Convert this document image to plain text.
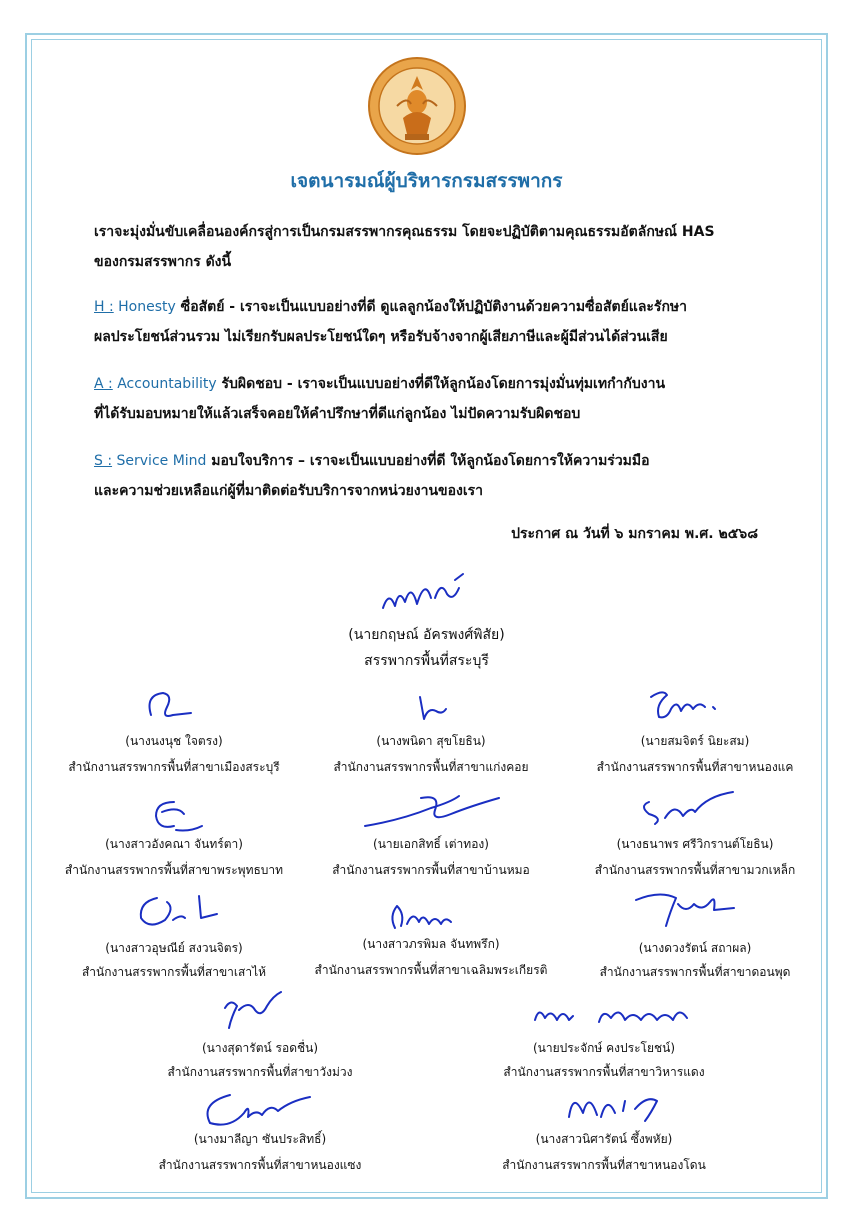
เจตนารมณ์ผู้บริหารกรมสรรพากร
เราจะมุ่งมั่นขับเคลื่อนองค์กรสู่การเป็นกรมสรรพากรคุณธรรม โดยจะปฏิบัติตามคุณธรรมอัตลักษณ์ HAS
ของกรมสรรพากร ดังนี้
H : Honesty ซื่อสัตย์ - เราจะเป็นแบบอย่างที่ดี ดูแลลูกน้องให้ปฏิบัติงานด้วยความซื่อสัตย์และรักษา
ผลประโยชน์ส่วนรวม ไม่เรียกรับผลประโยชน์ใดๆ หรือรับจ้างจากผู้เสียภาษีและผู้มีส่วนได้ส่วนเสีย
A : Accountability รับผิดชอบ - เราจะเป็นแบบอย่างที่ดีให้ลูกน้องโดยการมุ่งมั่นทุ่มเทกำกับงาน
ที่ได้รับมอบหมายให้แล้วเสร็จคอยให้คำปรึกษาที่ดีแก่ลูกน้อง ไม่ปัดความรับผิดชอบ
S : Service Mind มอบใจบริการ – เราจะเป็นแบบอย่างที่ดี ให้ลูกน้องโดยการให้ความร่วมมือ
และความช่วยเหลือแก่ผู้ที่มาติดต่อรับบริการจากหน่วยงานของเรา
ประกาศ ณ วันที่ ๖ มกราคม พ.ศ. ๒๕๖๘
(นายกฤษณ์ อัครพงศ์พิสัย)
สรรพากรพื้นที่สระบุรี
(นางนงนุช ใจตรง)
สำนักงานสรรพากรพื้นที่สาขาเมืองสระบุรี
(นางพนิดา สุขโยธิน)
สำนักงานสรรพากรพื้นที่สาขาแก่งคอย
(นายสมจิตร์ นิยะสม)
สำนักงานสรรพากรพื้นที่สาขาหนองแค
(นางสาวอังคณา จันทร์ตา)
สำนักงานสรรพากรพื้นที่สาขาพระพุทธบาท
(นายเอกสิทธิ์ เต่าทอง)
สำนักงานสรรพากรพื้นที่สาขาบ้านหมอ
(นางธนาพร ศรีวิกรานต์โยธิน)
สำนักงานสรรพากรพื้นที่สาขามวกเหล็ก
(นางสาวอุษณีย์ สงวนจิตร)
สำนักงานสรรพากรพื้นที่สาขาเสาไห้
(นางสาวภรพิมล จันทพรึก)
สำนักงานสรรพากรพื้นที่สาขาเฉลิมพระเกียรติ
(นางดวงรัตน์ สถาผล)
สำนักงานสรรพากรพื้นที่สาขาดอนพุด
(นางสุดารัตน์ รอดชื่น)
สำนักงานสรรพากรพื้นที่สาขาวังม่วง
(นายประจักษ์ คงประโยชน์)
สำนักงานสรรพากรพื้นที่สาขาวิหารแดง
(นางมาลีญา ซันประสิทธิ์)
สำนักงานสรรพากรพื้นที่สาขาหนองแซง
(นางสาวนิศารัตน์ ซึ้งพหัย)
สำนักงานสรรพากรพื้นที่สาขาหนองโดน
